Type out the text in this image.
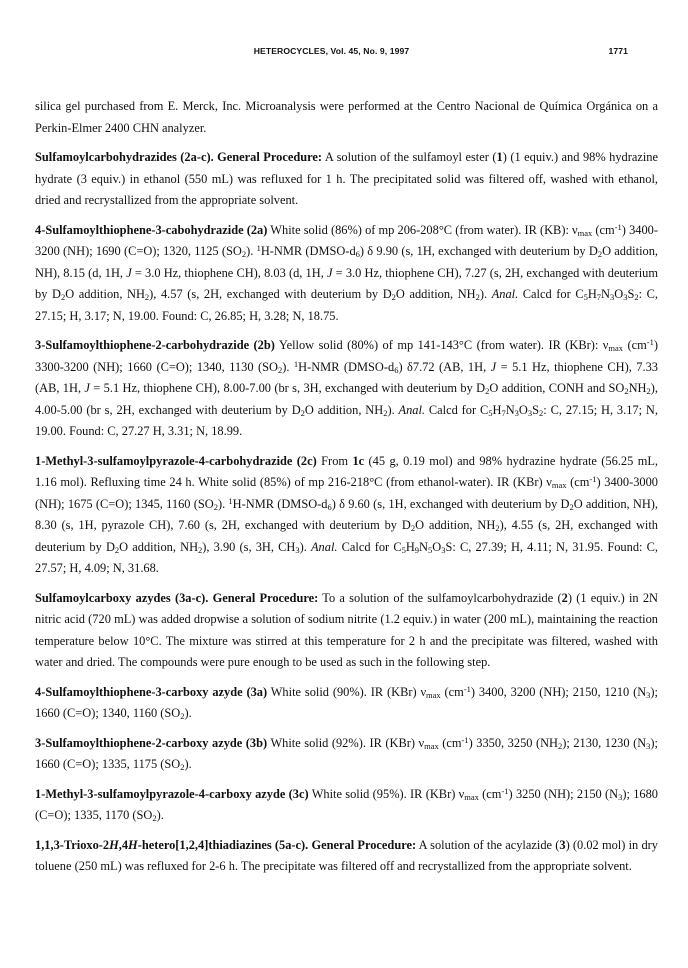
HETEROCYCLES, Vol. 45, No. 9, 1997	1771

silica gel purchased from E. Merck, Inc. Microanalysis were performed at the Centro Nacional de Química Orgánica on a Perkin-Elmer 2400 CHN analyzer.

Sulfamoylcarbohydrazides (2a-c). General Procedure: A solution of the sulfamoyl ester (1) (1 equiv.) and 98% hydrazine hydrate (3 equiv.) in ethanol (550 mL) was refluxed for 1 h. The precipitated solid was filtered off, washed with ethanol, dried and recrystallized from the appropriate solvent.

4-Sulfamoylthiophene-3-cabohydrazide (2a) White solid (86%) of mp 206-208°C (from water). IR (KB): $\nu_{max}$ $(cm^{-1})$ 3400-3200 (NH); 1690 (C=O); 1320, 1125 $(SO_2)$. $^1$H-NMR $(DMSO-d_6)$ δ 9.90 (s, 1H, exchanged with deuterium by $D_2O$ addition, NH), 8.15 (d, 1H, J = 3.0 Hz, thiophene CH), 8.03 (d, 1H, J = 3.0 Hz, thiophene CH), 7.27 (s, 2H, exchanged with deuterium by $D_2O$ addition, $NH_2$), 4.57 (s, 2H, exchanged with deuterium by $D_2O$ addition, $NH_2$). Anal. Calcd for $C_5H_7N_3O_3S_2$: C, 27.15; H, 3.17; N, 19.00. Found: C, 26.85; H, 3.28; N, 18.75.

3-Sulfamoylthiophene-2-carbohydrazide (2b) Yellow solid (80%) of mp 141-143°C (from water). IR (KBr): $\nu_{max}$ $(cm^{-1})$ 3300-3200 (NH); 1660 (C=O); 1340, 1130 $(SO_2)$. $^1$H-NMR $(DMSO-d_6)$ δ7.72 (AB, 1H, J = 5.1 Hz, thiophene CH), 7.33 (AB, 1H, J = 5.1 Hz, thiophene CH), 8.00-7.00 (br s, 3H, exchanged with deuterium by $D_2O$ addition, CONH and $SO_2NH_2$), 4.00-5.00 (br s, 2H, exchanged with deuterium by $D_2O$ addition, $NH_2$). Anal. Calcd for $C_5H_7N_3O_3S_2$: C, 27.15; H, 3.17; N, 19.00. Found: C, 27.27 H, 3.31; N, 18.99.

1-Methyl-3-sulfamoylpyrazole-4-carbohydrazide (2c) From 1c (45 g, 0.19 mol) and 98% hydrazine hydrate (56.25 mL, 1.16 mol). Refluxing time 24 h. White solid (85%) of mp 216-218°C (from ethanol-water). IR (KBr) $\nu_{max}$ $(cm^{-1})$ 3400-3000 (NH); 1675 (C=O); 1345, 1160 $(SO_2)$. $^1$H-NMR $(DMSO-d_6)$ δ 9.60 (s, 1H, exchanged with deuterium by $D_2O$ addition, NH), 8.30 (s, 1H, pyrazole CH), 7.60 (s, 2H, exchanged with deuterium by $D_2O$ addition, $NH_2$), 4.55 (s, 2H, exchanged with deuterium by $D_2O$ addition, $NH_2$), 3.90 (s, 3H, $CH_3$). Anal. Calcd for $C_5H_9N_5O_3S$: C, 27.39; H, 4.11; N, 31.95. Found: C, 27.57; H, 4.09; N, 31.68.

Sulfamoylcarboxy azydes (3a-c). General Procedure: To a solution of the sulfamoylcarbohydrazide (2) (1 equiv.) in 2N nitric acid (720 mL) was added dropwise a solution of sodium nitrite (1.2 equiv.) in water (200 mL), maintaining the reaction temperature below 10°C. The mixture was stirred at this temperature for 2 h and the precipitate was filtered, washed with water and dried. The compounds were pure enough to be used as such in the following step.

4-Sulfamoylthiophene-3-carboxy azyde (3a) White solid (90%). IR (KBr) $\nu_{max}$ $(cm^{-1})$ 3400, 3200 (NH); 2150, 1210 $(N_3)$; 1660 (C=O); 1340, 1160 $(SO_2)$.

3-Sulfamoylthiophene-2-carboxy azyde (3b) White solid (92%). IR (KBr) $\nu_{max}$ $(cm^{-1})$ 3350, 3250 $(NH_2)$; 2130, 1230 $(N_3)$; 1660 (C=O); 1335, 1175 $(SO_2)$.

1-Methyl-3-sulfamoylpyrazole-4-carboxy azyde (3c) White solid (95%). IR (KBr) $\nu_{max}$ $(cm^{-1})$ 3250 (NH); 2150 $(N_3)$; 1680 (C=O); 1335, 1170 $(SO_2)$.

1,1,3-Trioxo-2H,4H-hetero[1,2,4]thiadiazines (5a-c). General Procedure: A solution of the acylazide (3) (0.02 mol) in dry toluene (250 mL) was refluxed for 2-6 h. The precipitate was filtered off and recrystallized from the appropriate solvent.
